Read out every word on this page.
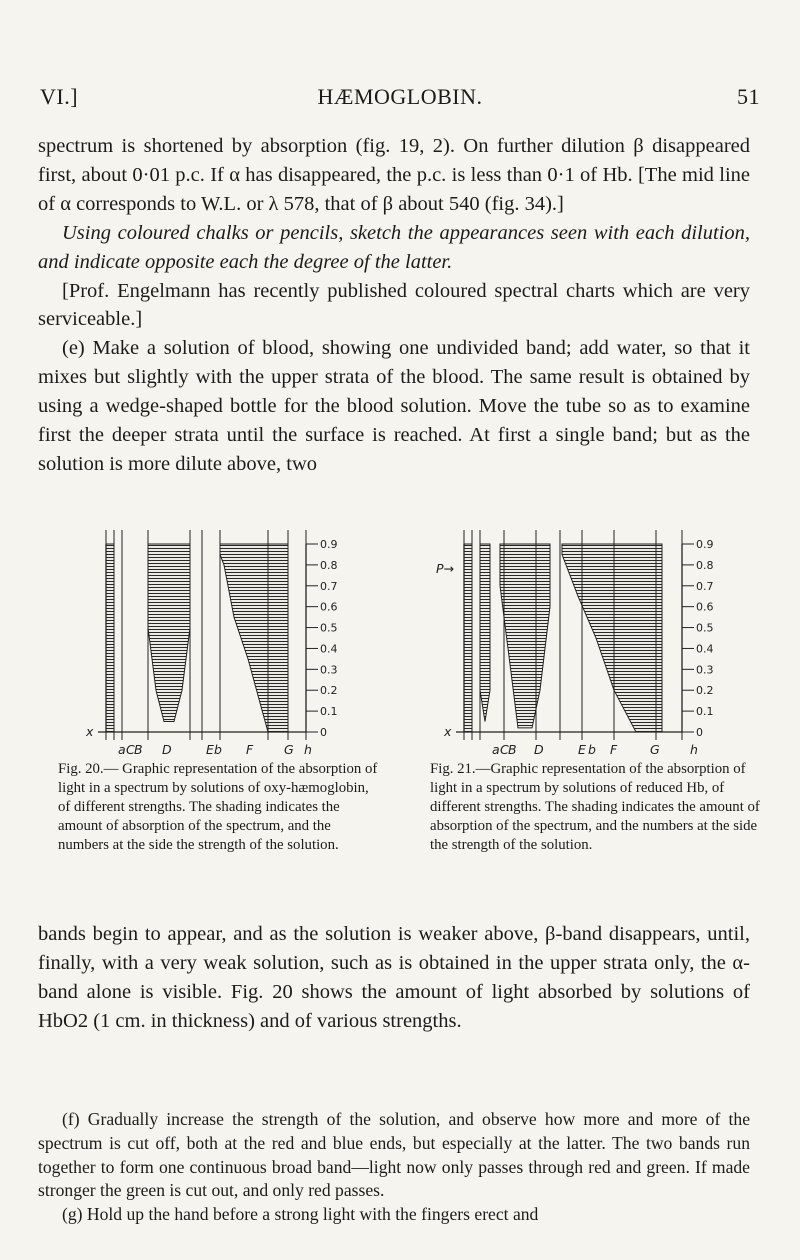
VI.]	HÆMOGLOBIN.	51

spectrum is shortened by absorption (fig. 19, 2). On further dilution β disappeared first, about 0·01 p.c. If α has disappeared, the p.c. is less than 0·1 of Hb. [The mid line of α corresponds to W.L. or λ 578, that of β about 540 (fig. 34).]

Using coloured chalks or pencils, sketch the appearances seen with each dilution, and indicate opposite each the degree of the latter.

[Prof. Engelmann has recently published coloured spectral charts which are very serviceable.]

(e) Make a solution of blood, showing one undivided band; add water, so that it mixes but slightly with the upper strata of the blood. The same result is obtained by using a wedge-shaped bottle for the blood solution. Move the tube so as to examine first the deeper strata until the surface is reached. At first a single band; but as the solution is more dilute above, two

0.9
0.8
0.7
0.6
0.5
0.4
0.3
0.2
0.1
0
x
a C B D	E b F G h
Fig. 20.— Graphic representation of the absorption of light in a spectrum by solutions of oxy-hæmoglobin, of different strengths. The shading indicates the amount of absorption of the spectrum, and the numbers at the side the strength of the solution.
0.9
0.8
0.7
0.6
0.5
0.4
0.3
0.2
0.1
0
x
a C B D	E b F	G h
P→
Fig. 21.—Graphic representation of the absorption of light in a spectrum by solutions of reduced Hb, of different strengths. The shading indicates the amount of absorption of the spectrum, and the numbers at the side the strength of the solution.

bands begin to appear, and as the solution is weaker above, β-band disappears, until, finally, with a very weak solution, such as is obtained in the upper strata only, the α-band alone is visible. Fig. 20 shows the amount of light absorbed by solutions of HbO2 (1 cm. in thickness) and of various strengths.

(f) Gradually increase the strength of the solution, and observe how more and more of the spectrum is cut off, both at the red and blue ends, but especially at the latter. The two bands run together to form one continuous broad band—light now only passes through red and green. If made stronger the green is cut out, and only red passes.

(g) Hold up the hand before a strong light with the fingers erect and
